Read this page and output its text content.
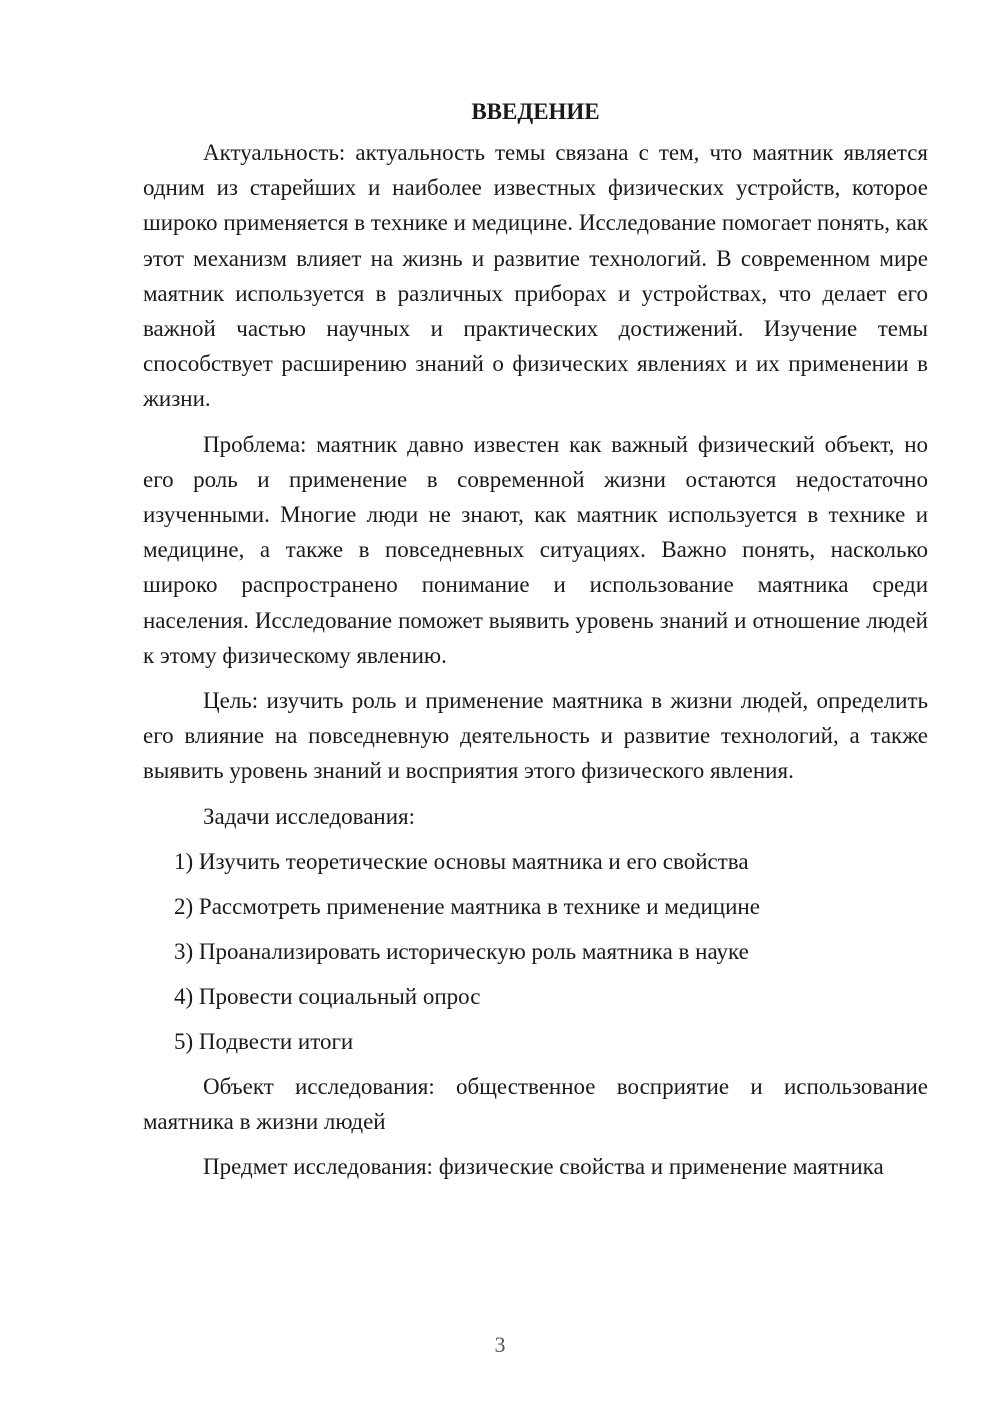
ВВЕДЕНИЕ

Актуальность: актуальность темы связана с тем, что маятник является одним из старейших и наиболее известных физических устройств, которое широко применяется в технике и медицине. Исследование помогает понять, как этот механизм влияет на жизнь и развитие технологий. В современном мире маятник используется в различных приборах и устройствах, что делает его важной частью научных и практических достижений. Изучение темы способствует расширению знаний о физических явлениях и их применении в жизни.

Проблема: маятник давно известен как важный физический объект, но его роль и применение в современной жизни остаются недостаточно изученными. Многие люди не знают, как маятник используется в технике и медицине, а также в повседневных ситуациях. Важно понять, насколько широко распространено понимание и использование маятника среди населения. Исследование поможет выявить уровень знаний и отношение людей к этому физическому явлению.

Цель: изучить роль и применение маятника в жизни людей, определить его влияние на повседневную деятельность и развитие технологий, а также выявить уровень знаний и восприятия этого физического явления.

Задачи исследования:

1) Изучить теоретические основы маятника и его свойства
2) Рассмотреть применение маятника в технике и медицине
3) Проанализировать историческую роль маятника в науке
4) Провести социальный опрос
5) Подвести итоги

Объект исследования: общественное восприятие и использование маятника в жизни людей

Предмет исследования: физические свойства и применение маятника

3
